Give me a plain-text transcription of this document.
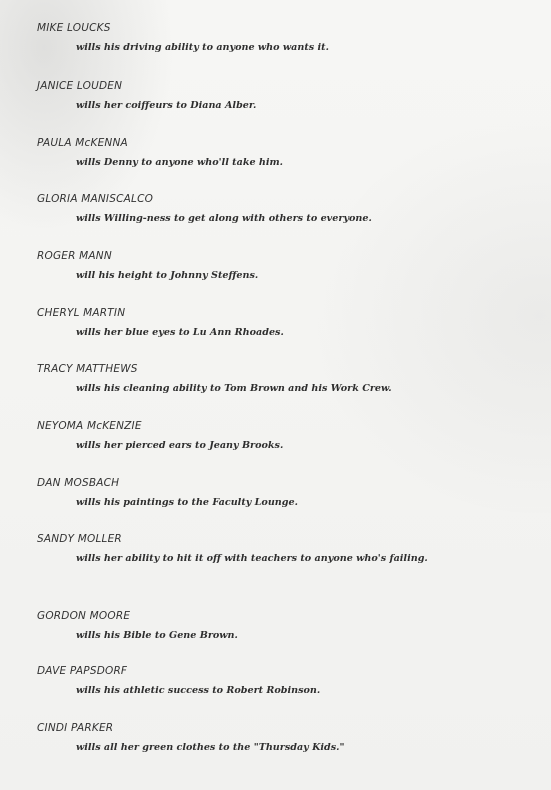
MIKE LOUCKS
wills his driving ability to anyone who wants it.
JANICE LOUDEN
wills her coiffeurs to Diana Alber.
PAULA McKENNA
wills Denny to anyone who'll take him.
GLORIA MANISCALCO
wills Willing-ness to get along with others to everyone.
ROGER MANN
will his height to Johnny Steffens.
CHERYL MARTIN
wills her blue eyes to Lu Ann Rhoades.
TRACY MATTHEWS
wills his cleaning ability to Tom Brown and his Work Crew.
NEYOMA McKENZIE
wills her pierced ears to Jeany Brooks.
DAN MOSBACH
wills his paintings to the Faculty Lounge.
SANDY MOLLER
wills her ability to hit it off with teachers to anyone who's failing.
GORDON MOORE
wills his Bible to Gene Brown.
DAVE PAPSDORF
wills his athletic success to Robert Robinson.
CINDI PARKER
wills all her green clothes to the "Thursday Kids."
